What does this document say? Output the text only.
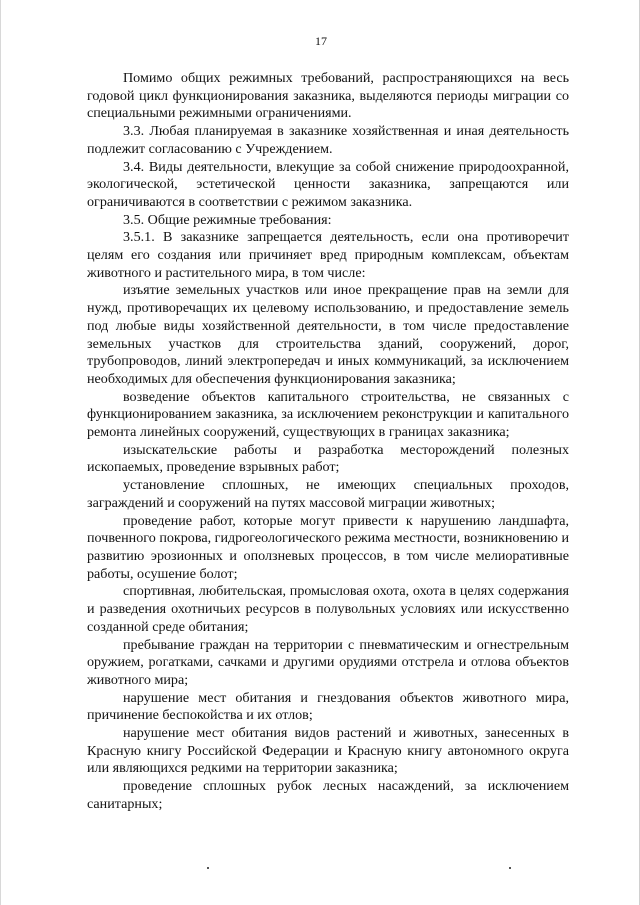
17

Помимо общих режимных требований, распространяющихся на весь годовой цикл функционирования заказника, выделяются периоды миграции со специальными режимными ограничениями.

3.3. Любая планируемая в заказнике хозяйственная и иная деятельность подлежит согласованию с Учреждением.

3.4. Виды деятельности, влекущие за собой снижение природоохранной, экологической, эстетической ценности заказника, запрещаются или ограничиваются в соответствии с режимом заказника.

3.5. Общие режимные требования:

3.5.1. В заказнике запрещается деятельность, если она противоречит целям его создания или причиняет вред природным комплексам, объектам животного и растительного мира, в том числе:

изъятие земельных участков или иное прекращение прав на земли для нужд, противоречащих их целевому использованию, и предоставление земель под любые виды хозяйственной деятельности, в том числе предоставление земельных участков для строительства зданий, сооружений, дорог, трубопроводов, линий электропередач и иных коммуникаций, за исключением необходимых для обеспечения функционирования заказника;

возведение объектов капитального строительства, не связанных с функционированием заказника, за исключением реконструкции и капитального ремонта линейных сооружений, существующих в границах заказника;

изыскательские работы и разработка месторождений полезных ископаемых, проведение взрывных работ;

установление сплошных, не имеющих специальных проходов, заграждений и сооружений на путях массовой миграции животных;

проведение работ, которые могут привести к нарушению ландшафта, почвенного покрова, гидрогеологического режима местности, возникновению и развитию эрозионных и оползневых процессов, в том числе мелиоративные работы, осушение болот;

спортивная, любительская, промысловая охота, охота в целях содержания и разведения охотничьих ресурсов в полувольных условиях или искусственно созданной среде обитания;

пребывание граждан на территории с пневматическим и огнестрельным оружием, рогатками, сачками и другими орудиями отстрела и отлова объектов животного мира;

нарушение мест обитания и гнездования объектов животного мира, причинение беспокойства и их отлов;

нарушение мест обитания видов растений и животных, занесенных в Красную книгу Российской Федерации и Красную книгу автономного округа или являющихся редкими на территории заказника;

проведение сплошных рубок лесных насаждений, за исключением санитарных;
